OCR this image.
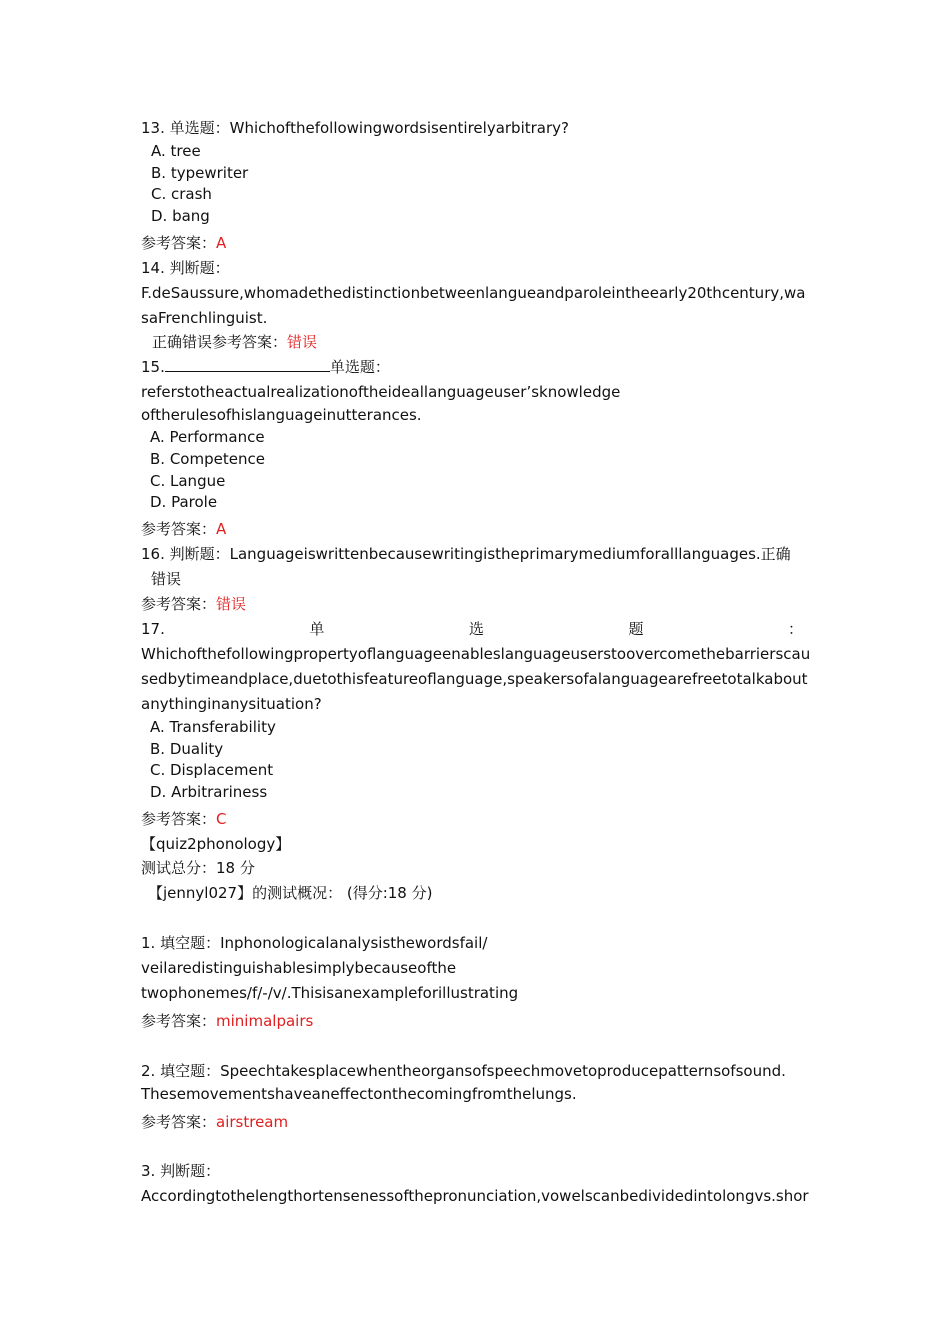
13. 单选题：Whichofthefollowingwordsisentirelyarbitrary?
A. tree
B. typewriter
C. crash
D. bang
参考答案：A
14. 判断题：
F.deSaussure,whomadethedistinctionbetweenlangueandparoleintheearly20thcentury,wa
saFrenchlinguist.
正确错误参考答案：错误
15.	单选题：
referstotheactualrealizationoftheideallanguageuser’sknowledge
oftherulesofhislanguageinutterances.
A. Performance
B. Competence
C. Langue
D. Parole
参考答案：A
16. 判断题：Languageiswrittenbecausewritingistheprimarymediumforalllanguages.正确
错误
参考答案：错误
17.	单	选	题	：
Whichofthefollowingpropertyoflanguageenableslanguageuserstoovercomethebarrierscau
sedbytimeandplace,duetothisfeatureoflanguage,speakersofalanguagearefreetotalkabout
anythinginanysituation?
A. Transferability
B. Duality
C. Displacement
D. Arbitrariness
参考答案：C
【quiz2phonology】
测试总分：18 分
【jennyl027】的测试概况： (得分:18 分)
1. 填空题：Inphonologicalanalysisthewordsfail/
veilaredistinguishablesimplybecauseofthe
twophonemes/f/-/v/.Thisisanexampleforillustrating
参考答案：minimalpairs
2. 填空题：Speechtakesplacewhentheorgansofspeechmovetoproducepatternsofsound.
Thesemovementshaveaneffectonthecomingfromthelungs.
参考答案：airstream
3. 判断题：
Accordingtothelengthortensenessofthepronunciation,vowelscanbedividedintolongvs.shor
